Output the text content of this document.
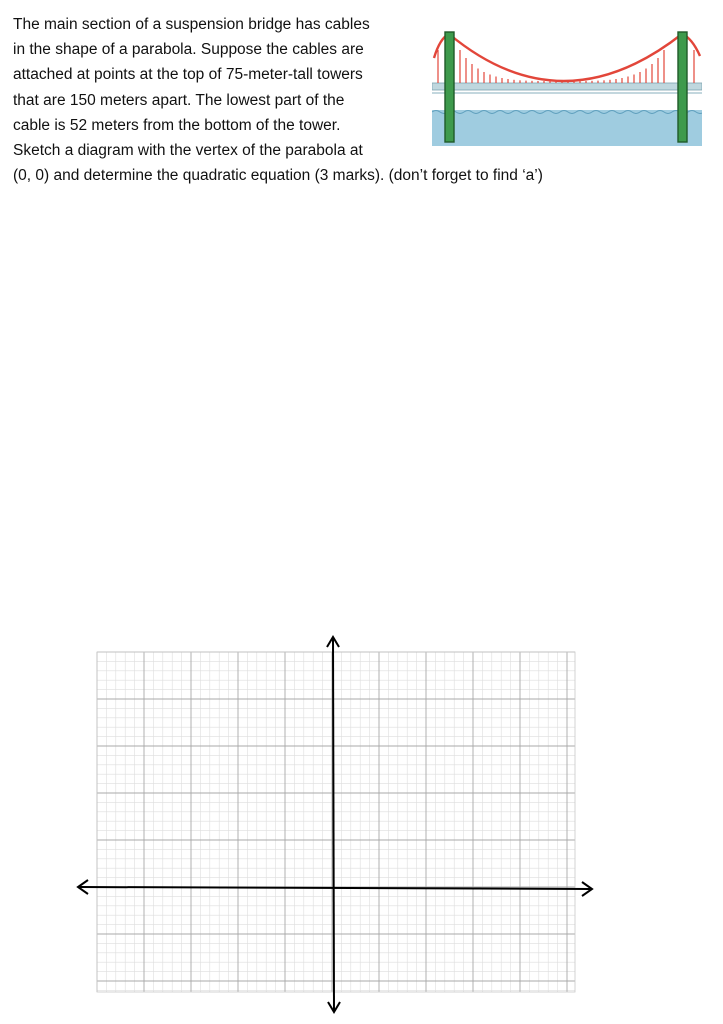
The main section of a suspension bridge has cables
in the shape of a parabola. Suppose the cables are
attached at points at the top of 75-meter-tall towers
that are 150 meters apart. The lowest part of the
cable is 52 meters from the bottom of the tower.
Sketch a diagram with the vertex of the parabola at
(0, 0) and determine the quadratic equation (3 marks). (don’t forget to find ‘a’)
